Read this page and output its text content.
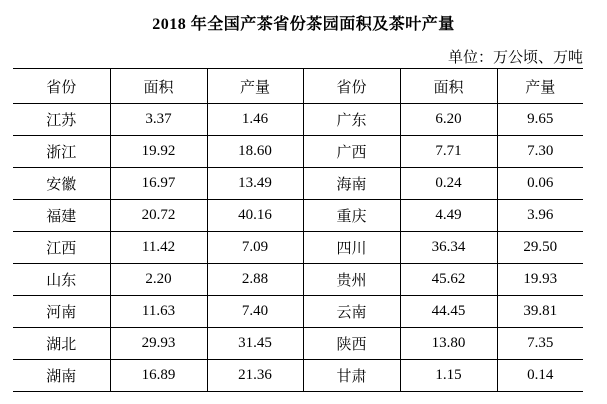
2018 年全国产茶省份茶园面积及茶叶产量
单位：万公顷、万吨
省份	面积	产量	省份	面积	产量
江苏	3.37	1.46	广东	6.20	9.65
浙江	19.92	18.60	广西	7.71	7.30
安徽	16.97	13.49	海南	0.24	0.06
福建	20.72	40.16	重庆	4.49	3.96
江西	11.42	7.09	四川	36.34	29.50
山东	2.20	2.88	贵州	45.62	19.93
河南	11.63	7.40	云南	44.45	39.81
湖北	29.93	31.45	陕西	13.80	7.35
湖南	16.89	21.36	甘肃	1.15	0.14
